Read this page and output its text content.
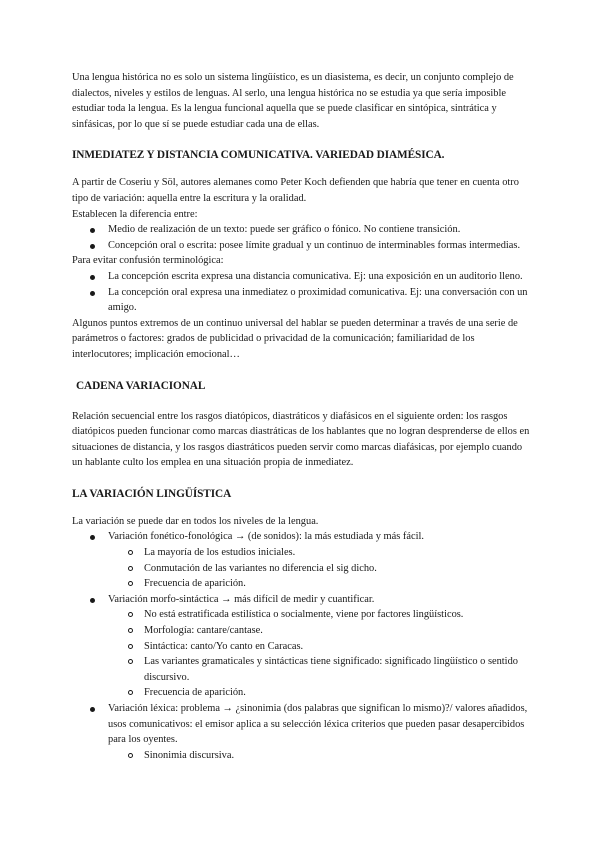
Una lengua histórica no es solo un sistema lingüístico, es un diasistema, es decir, un conjunto complejo de dialectos, niveles y estilos de lenguas. Al serlo, una lengua histórica no se estudia ya que sería imposible estudiar toda la lengua. Es la lengua funcional aquella que se puede clasificar en sintópica, sintrática y sinfásicas, por lo que sí se puede estudiar cada una de ellas.

INMEDIATEZ Y DISTANCIA COMUNICATIVA. VARIEDAD DIAMÉSICA.

A partir de Coseriu y Söl, autores alemanes como Peter Koch defienden que habría que tener en cuenta otro tipo de variación: aquella entre la escritura y la oralidad.

Establecen la diferencia entre:

Medio de realización de un texto: puede ser gráfico o fónico. No contiene transición.
Concepción oral o escrita: posee límite gradual y un continuo de interminables formas intermedias.

Para evitar confusión terminológica:

La concepción escrita expresa una distancia comunicativa. Ej: una exposición en un auditorio lleno.
La concepción oral expresa una inmediatez o proximidad comunicativa. Ej: una conversación con un amigo.

Algunos puntos extremos de un continuo universal del hablar se pueden determinar a través de una serie de parámetros o factores: grados de publicidad o privacidad de la comunicación; familiaridad de los interlocutores; implicación emocional…

CADENA VARIACIONAL

Relación secuencial entre los rasgos diatópicos, diastráticos y diafásicos en el siguiente orden: los rasgos diatópicos pueden funcionar como marcas diastráticas de los hablantes que no logran desprenderse de ellos en situaciones de distancia, y los rasgos diastráticos pueden servir como marcas diafásicas, por ejemplo cuando un hablante culto los emplea en una situación propia de inmediatez.

LA VARIACIÓN LINGÜÍSTICA

La variación se puede dar en todos los niveles de la lengua.

Variación fonético-fonológica → (de sonidos): la más estudiada y más fácil.
La mayoría de los estudios iniciales.
Conmutación de las variantes no diferencia el sig dicho.
Frecuencia de aparición.
Variación morfo-sintáctica → más difícil de medir y cuantificar.
No está estratificada estilística o socialmente, viene por factores lingüísticos.
Morfología: cantare/cantase.
Sintáctica: canto/Yo canto en Caracas.
Las variantes gramaticales y sintácticas tiene significado: significado lingüístico o sentido discursivo.
Frecuencia de aparición.
Variación léxica: problema → ¿sinonimia (dos palabras que significan lo mismo)?/ valores añadidos, usos comunicativos: el emisor aplica a su selección léxica criterios que pueden pasar desapercibidos para los oyentes.
Sinonimia discursiva.
